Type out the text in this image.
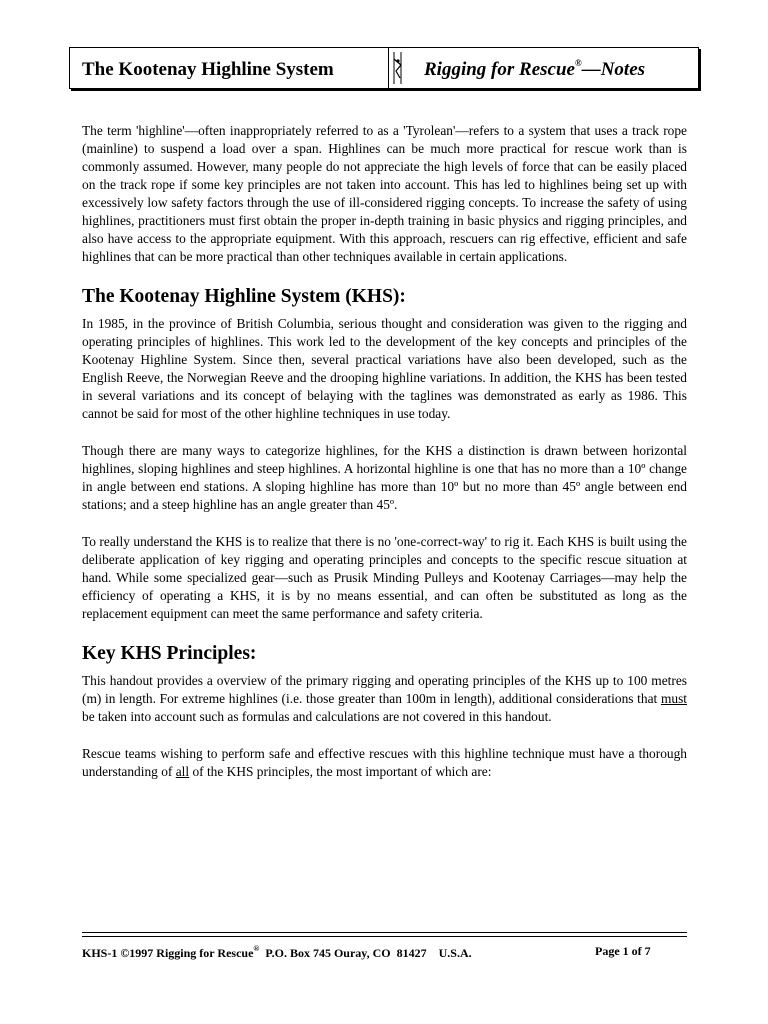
The Kootenay Highline System	Rigging for Rescue®—Notes

The term 'highline'—often inappropriately referred to as a 'Tyrolean'—refers to a system that uses a track rope (mainline) to suspend a load over a span. Highlines can be much more practical for rescue work than is commonly assumed. However, many people do not appreciate the high levels of force that can be easily placed on the track rope if some key principles are not taken into account. This has led to highlines being set up with excessively low safety factors through the use of ill-considered rigging concepts. To increase the safety of using highlines, practitioners must first obtain the proper in-depth training in basic physics and rigging principles, and also have access to the appropriate equipment. With this approach, rescuers can rig effective, efficient and safe highlines that can be more practical than other techniques available in certain applications.

The Kootenay Highline System (KHS):

In 1985, in the province of British Columbia, serious thought and consideration was given to the rigging and operating principles of highlines. This work led to the development of the key concepts and principles of the Kootenay Highline System. Since then, several practical variations have also been developed, such as the English Reeve, the Norwegian Reeve and the drooping highline variations. In addition, the KHS has been tested in several variations and its concept of belaying with the taglines was demonstrated as early as 1986. This cannot be said for most of the other highline techniques in use today.

Though there are many ways to categorize highlines, for the KHS a distinction is drawn between horizontal highlines, sloping highlines and steep highlines. A horizontal highline is one that has no more than a 10º change in angle between end stations. A sloping highline has more than 10º but no more than 45º angle between end stations; and a steep highline has an angle greater than 45º.

To really understand the KHS is to realize that there is no 'one-correct-way' to rig it. Each KHS is built using the deliberate application of key rigging and operating principles and concepts to the specific rescue situation at hand. While some specialized gear—such as Prusik Minding Pulleys and Kootenay Carriages—may help the efficiency of operating a KHS, it is by no means essential, and can often be substituted as long as the replacement equipment can meet the same performance and safety criteria.

Key KHS Principles:

This handout provides a overview of the primary rigging and operating principles of the KHS up to 100 metres (m) in length. For extreme highlines (i.e. those greater than 100m in length), additional considerations that must be taken into account such as formulas and calculations are not covered in this handout.

Rescue teams wishing to perform safe and effective rescues with this highline technique must have a thorough understanding of all of the KHS principles, the most important of which are:

KHS-1 ©1997 Rigging for Rescue®  P.O. Box 745 Ouray, CO  81427    U.S.A.	Page 1 of 7
